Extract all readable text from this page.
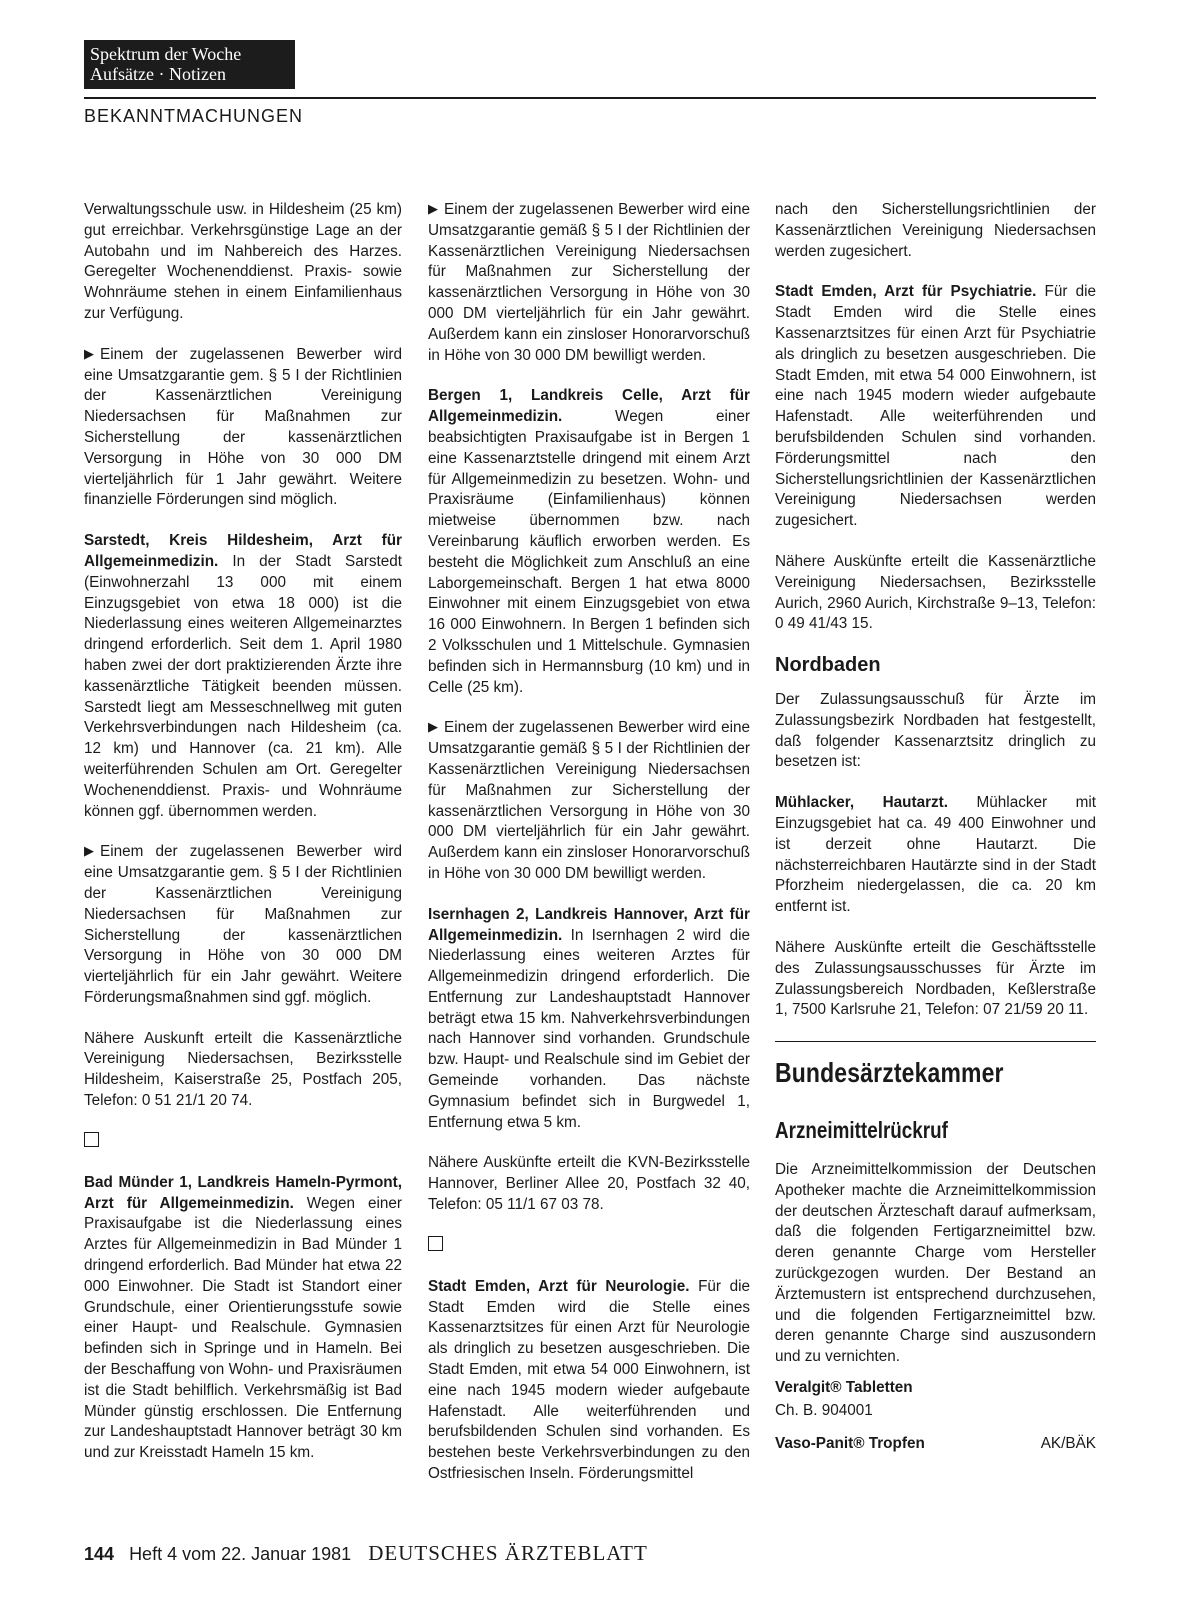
Spektrum der Woche
Aufsätze · Notizen
BEKANNTMACHUNGEN

Verwaltungsschule usw. in Hildesheim (25 km) gut erreichbar. Verkehrsgünstige Lage an der Autobahn und im Nahbereich des Harzes. Geregelter Wochenenddienst. Praxis- sowie Wohnräume stehen in einem Einfamilienhaus zur Verfügung.

▶ Einem der zugelassenen Bewerber wird eine Umsatzgarantie gem. § 5 I der Richtlinien der Kassenärztlichen Vereinigung Niedersachsen für Maßnahmen zur Sicherstellung der kassenärztlichen Versorgung in Höhe von 30 000 DM vierteljährlich für 1 Jahr gewährt. Weitere finanzielle Förderungen sind möglich.

Sarstedt, Kreis Hildesheim, Arzt für Allgemeinmedizin. In der Stadt Sarstedt (Einwohnerzahl 13 000 mit einem Einzugsgebiet von etwa 18 000) ist die Niederlassung eines weiteren Allgemeinarztes dringend erforderlich. Seit dem 1. April 1980 haben zwei der dort praktizierenden Ärzte ihre kassenärztliche Tätigkeit beenden müssen. Sarstedt liegt am Messeschnellweg mit guten Verkehrsverbindungen nach Hildesheim (ca. 12 km) und Hannover (ca. 21 km). Alle weiterführenden Schulen am Ort. Geregelter Wochenenddienst. Praxis- und Wohnräume können ggf. übernommen werden.

▶ Einem der zugelassenen Bewerber wird eine Umsatzgarantie gem. § 5 I der Richtlinien der Kassenärztlichen Vereinigung Niedersachsen für Maßnahmen zur Sicherstellung der kassenärztlichen Versorgung in Höhe von 30 000 DM vierteljährlich für ein Jahr gewährt. Weitere Förderungsmaßnahmen sind ggf. möglich.

Nähere Auskunft erteilt die Kassenärztliche Vereinigung Niedersachsen, Bezirksstelle Hildesheim, Kaiserstraße 25, Postfach 205, Telefon: 0 51 21/1 20 74.

Bad Münder 1, Landkreis Hameln-Pyrmont, Arzt für Allgemeinmedizin. Wegen einer Praxisaufgabe ist die Niederlassung eines Arztes für Allgemeinmedizin in Bad Münder 1 dringend erforderlich. Bad Münder hat etwa 22 000 Einwohner. Die Stadt ist Standort einer Grundschule, einer Orientierungsstufe sowie einer Haupt- und Realschule. Gymnasien befinden sich in Springe und in Hameln. Bei der Beschaffung von Wohn- und Praxisräumen ist die Stadt behilflich. Verkehrsmäßig ist Bad Münder günstig erschlossen. Die Entfernung zur Landeshauptstadt Hannover beträgt 30 km und zur Kreisstadt Hameln 15 km.

▶ Einem der zugelassenen Bewerber wird eine Umsatzgarantie gemäß § 5 I der Richtlinien der Kassenärztlichen Vereinigung Niedersachsen für Maßnahmen zur Sicherstellung der kassenärztlichen Versorgung in Höhe von 30 000 DM vierteljährlich für ein Jahr gewährt. Außerdem kann ein zinsloser Honorarvorschuß in Höhe von 30 000 DM bewilligt werden.

Bergen 1, Landkreis Celle, Arzt für Allgemeinmedizin. Wegen einer beabsichtigten Praxisaufgabe ist in Bergen 1 eine Kassenarztstelle dringend mit einem Arzt für Allgemeinmedizin zu besetzen. Wohn- und Praxisräume (Einfamilienhaus) können mietweise übernommen bzw. nach Vereinbarung käuflich erworben werden. Es besteht die Möglichkeit zum Anschluß an eine Laborgemeinschaft. Bergen 1 hat etwa 8000 Einwohner mit einem Einzugsgebiet von etwa 16 000 Einwohnern. In Bergen 1 befinden sich 2 Volksschulen und 1 Mittelschule. Gymnasien befinden sich in Hermannsburg (10 km) und in Celle (25 km).

▶ Einem der zugelassenen Bewerber wird eine Umsatzgarantie gemäß § 5 I der Richtlinien der Kassenärztlichen Vereinigung Niedersachsen für Maßnahmen zur Sicherstellung der kassenärztlichen Versorgung in Höhe von 30 000 DM vierteljährlich für ein Jahr gewährt. Außerdem kann ein zinsloser Honorarvorschuß in Höhe von 30 000 DM bewilligt werden.

Isernhagen 2, Landkreis Hannover, Arzt für Allgemeinmedizin. In Isernhagen 2 wird die Niederlassung eines weiteren Arztes für Allgemeinmedizin dringend erforderlich. Die Entfernung zur Landeshauptstadt Hannover beträgt etwa 15 km. Nahverkehrsverbindungen nach Hannover sind vorhanden. Grundschule bzw. Haupt- und Realschule sind im Gebiet der Gemeinde vorhanden. Das nächste Gymnasium befindet sich in Burgwedel 1, Entfernung etwa 5 km.

Nähere Auskünfte erteilt die KVN-Bezirksstelle Hannover, Berliner Allee 20, Postfach 32 40, Telefon: 05 11/1 67 03 78.

Stadt Emden, Arzt für Neurologie. Für die Stadt Emden wird die Stelle eines Kassenarztsitzes für einen Arzt für Neurologie als dringlich zu besetzen ausgeschrieben. Die Stadt Emden, mit etwa 54 000 Einwohnern, ist eine nach 1945 modern wieder aufgebaute Hafenstadt. Alle weiterführenden und berufsbildenden Schulen sind vorhanden. Es bestehen beste Verkehrsverbindungen zu den Ostfriesischen Inseln. Förderungsmittel

nach den Sicherstellungsrichtlinien der Kassenärztlichen Vereinigung Niedersachsen werden zugesichert.

Stadt Emden, Arzt für Psychiatrie. Für die Stadt Emden wird die Stelle eines Kassenarztsitzes für einen Arzt für Psychiatrie als dringlich zu besetzen ausgeschrieben. Die Stadt Emden, mit etwa 54 000 Einwohnern, ist eine nach 1945 modern wieder aufgebaute Hafenstadt. Alle weiterführenden und berufsbildenden Schulen sind vorhanden. Förderungsmittel nach den Sicherstellungsrichtlinien der Kassenärztlichen Vereinigung Niedersachsen werden zugesichert.

Nähere Auskünfte erteilt die Kassenärztliche Vereinigung Niedersachsen, Bezirksstelle Aurich, 2960 Aurich, Kirchstraße 9–13, Telefon: 0 49 41/43 15.

Nordbaden

Der Zulassungsausschuß für Ärzte im Zulassungsbezirk Nordbaden hat festgestellt, daß folgender Kassenarztsitz dringlich zu besetzen ist:

Mühlacker, Hautarzt. Mühlacker mit Einzugsgebiet hat ca. 49 400 Einwohner und ist derzeit ohne Hautarzt. Die nächsterreichbaren Hautärzte sind in der Stadt Pforzheim niedergelassen, die ca. 20 km entfernt ist.

Nähere Auskünfte erteilt die Geschäftsstelle des Zulassungsausschusses für Ärzte im Zulassungsbereich Nordbaden, Keßlerstraße 1, 7500 Karlsruhe 21, Telefon: 07 21/59 20 11.

Bundesärztekammer
Arzneimittelrückruf

Die Arzneimittelkommission der Deutschen Apotheker machte die Arzneimittelkommission der deutschen Ärzteschaft darauf aufmerksam, daß die folgenden Fertigarzneimittel bzw. deren genannte Charge vom Hersteller zurückgezogen wurden. Der Bestand an Ärztemustern ist entsprechend durchzusehen, und die folgenden Fertigarzneimittel bzw. deren genannte Charge sind auszusondern und zu vernichten.

Veralgit® Tabletten

Ch. B. 904001

Vaso-Panit® Tropfen	AK/BÄK
144 Heft 4 vom 22. Januar 1981 DEUTSCHES ÄRZTEBLATT
